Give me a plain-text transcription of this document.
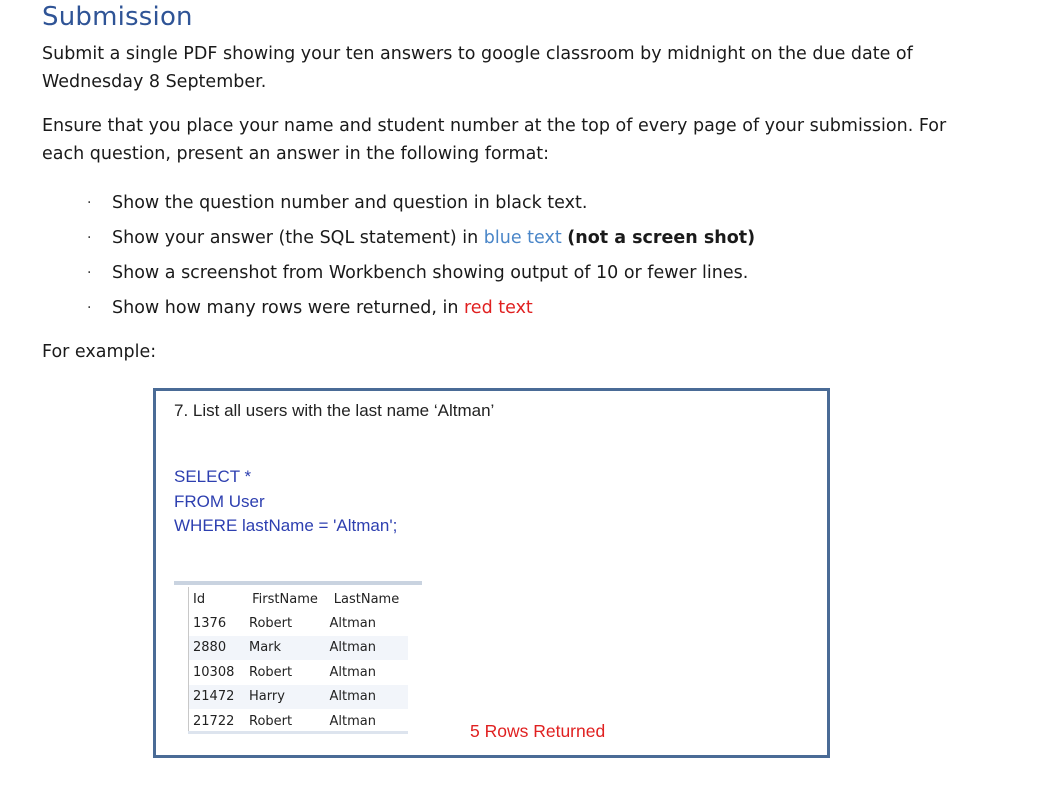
Submission

Submit a single PDF showing your ten answers to google classroom by midnight on the due date of Wednesday 8 September.

Ensure that you place your name and student number at the top of every page of your submission. For each question, present an answer in the following format:

· Show the question number and question in black text.
· Show your answer (the SQL statement) in blue text (not a screen shot)
· Show a screenshot from Workbench showing output of 10 or fewer lines.
· Show how many rows were returned, in red text

For example:

7. List all users with the last name ‘Altman’
SELECT *
FROM User
WHERE lastName = 'Altman';
Id	FirstName	LastName
1376	Robert	Altman
2880	Mark	Altman
10308	Robert	Altman
21472	Harry	Altman
21722	Robert	Altman	5 Rows Returned
